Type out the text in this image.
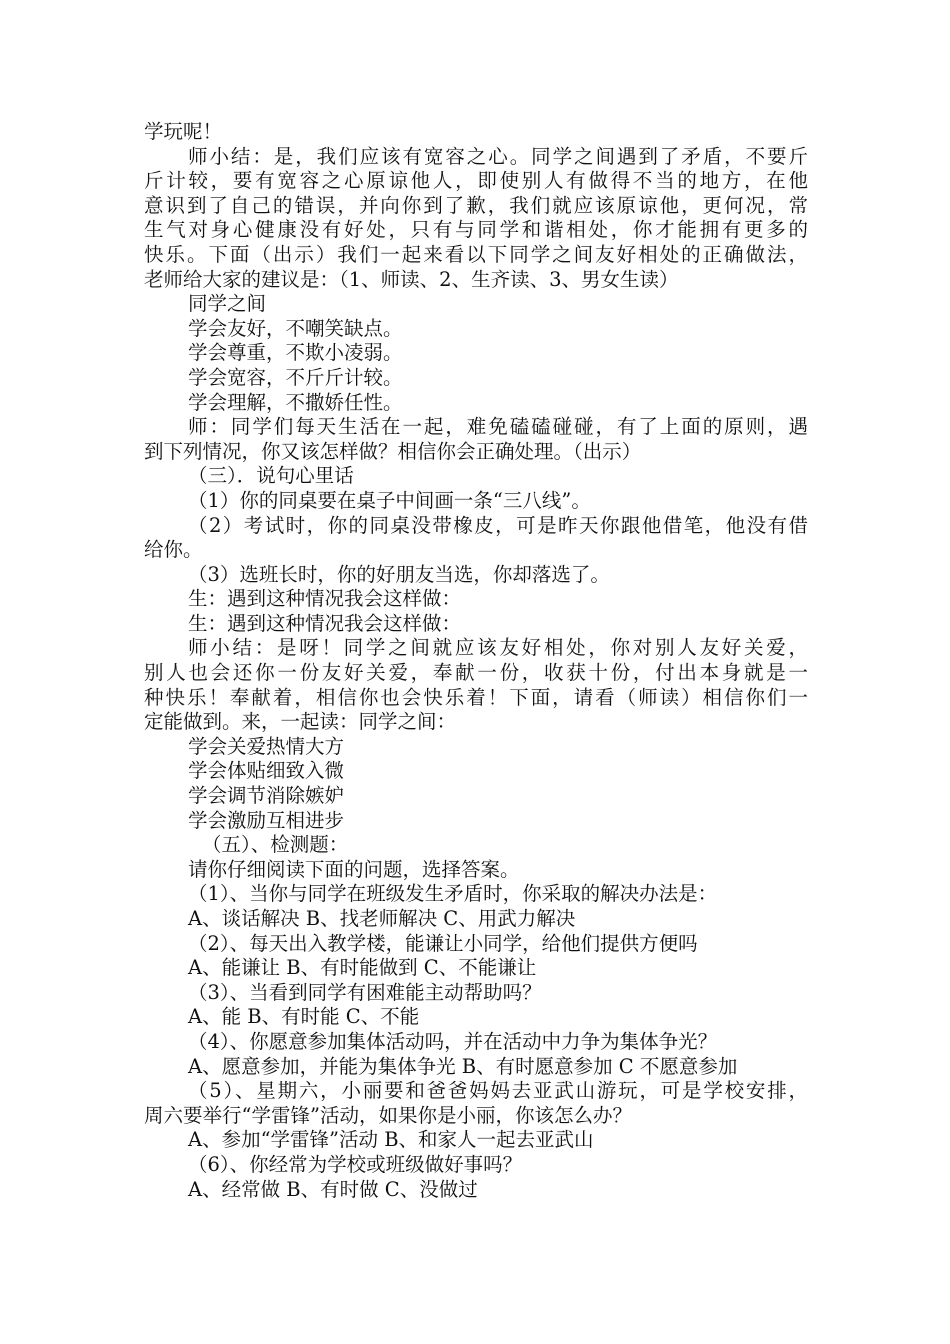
学玩呢！
师小结：是，我们应该有宽容之心。同学之间遇到了矛盾，不要斤
斤计较，要有宽容之心原谅他人，即使别人有做得不当的地方，在他
意识到了自己的错误，并向你到了歉，我们就应该原谅他，更何况，常
生气对身心健康没有好处，只有与同学和谐相处，你才能拥有更多的
快乐。下面（出示）我们一起来看以下同学之间友好相处的正确做法，
老师给大家的建议是：（1、师读、2、生齐读、3、男女生读）
同学之间
学会友好，不嘲笑缺点。
学会尊重，不欺小凌弱。
学会宽容，不斤斤计较。
学会理解，不撒娇任性。
师：同学们每天生活在一起，难免磕磕碰碰，有了上面的原则，遇
到下列情况，你又该怎样做？相信你会正确处理。（出示）
（三）．说句心里话
（1）你的同桌要在桌子中间画一条“三八线”。
（2）考试时，你的同桌没带橡皮，可是昨天你跟他借笔，他没有借
给你。
（3）选班长时，你的好朋友当选，你却落选了。
生：遇到这种情况我会这样做：
生：遇到这种情况我会这样做：
师小结：是呀！同学之间就应该友好相处，你对别人友好关爱，
别人也会还你一份友好关爱，奉献一份，收获十份，付出本身就是一
种快乐！奉献着，相信你也会快乐着！下面，请看（师读）相信你们一
定能做到。来，一起读：同学之间：
学会关爱热情大方
学会体贴细致入微
学会调节消除嫉妒
学会激励互相进步
（五）、检测题：
请你仔细阅读下面的问题，选择答案。
（1）、当你与同学在班级发生矛盾时，你采取的解决办法是：
A、谈话解决 B、找老师解决 C、用武力解决
（2）、每天出入教学楼，能谦让小同学，给他们提供方便吗
A、能谦让 B、有时能做到 C、不能谦让
（3）、当看到同学有困难能主动帮助吗？
A、能 B、有时能 C、不能
（4）、你愿意参加集体活动吗，并在活动中力争为集体争光？
A、愿意参加，并能为集体争光 B、有时愿意参加 C 不愿意参加
（5）、星期六，小丽要和爸爸妈妈去亚武山游玩，可是学校安排，
周六要举行“学雷锋”活动，如果你是小丽，你该怎么办？
A、参加“学雷锋”活动 B、和家人一起去亚武山
（6）、你经常为学校或班级做好事吗？
A、经常做 B、有时做 C、没做过
